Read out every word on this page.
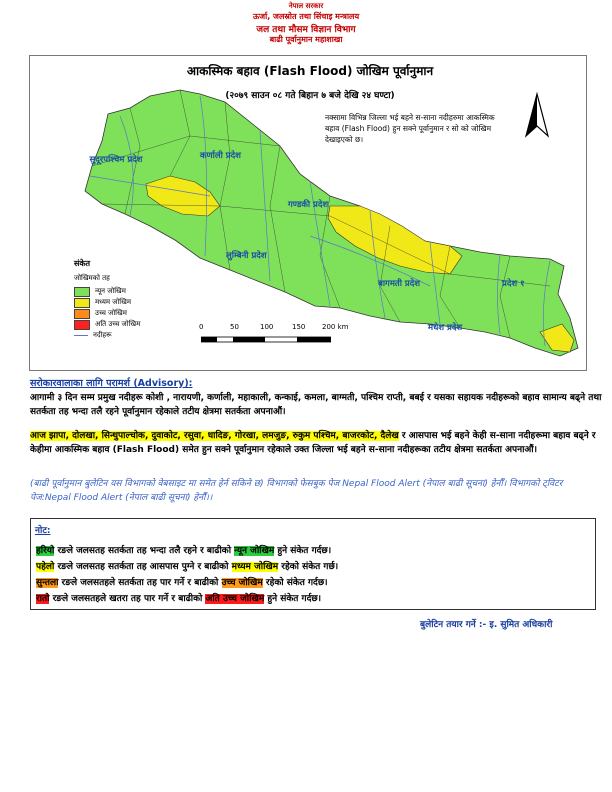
नेपाल सरकार
ऊर्जा, जलस्रोत तथा सिंचाइ मन्त्रालय
जल तथा मौसम विज्ञान विभाग
बाढी पूर्वानुमान महाशाखा
आकस्मिक बहाव (Flash Flood) जोखिम पूर्वानुमान
(२०७९ साउन ०८ गते बिहान ७ बजे देखि २४ घण्टा)
नक्सामा विभिन्न जिल्ला भई बहने स-साना नदीहरुमा आकस्मिक बहाव (Flash Flood) हुन सक्ने पूर्वानुमान र सो को जोखिम देखाइएको छ।
सुदूरपश्चिम प्रदेश	कर्णाली प्रदेश
लुम्बिनी प्रदेश
गण्डकी प्रदेश
बागमती प्रदेश	प्रदेश १
मधेश प्रदेश
संकेत
जोखिमको तह
न्यून जोखिम
मध्यम जोखिम
उच्च जोखिम
अति उच्च जोखिम
नदीहरू
0	50	100	150 200 km
सरोकारवालाका लागि परामर्श (Advisory):
आगामी ३ दिन सम्म प्रमुख नदीहरू कोशी , नारायणी, कर्णाली, महाकाली, कन्काई, कमला, बाग्मती, पश्चिम राप्ती, बबई र यसका सहायक नदीहरूको बहाव सामान्य बढ्ने तथा सतर्कता तह भन्दा तलै रहने पूर्वानुमान रहेकाले तटीय क्षेत्रमा सतर्कता अपनाऔं।
आज झापा, दोलखा, सिन्धुपाल्चोक, दुवाकोट, रसुवा, धादिङ, गोरखा, लमजुङ, रुकुम पश्चिम, बाजरकोट, दैलेख र आसपास भई बहने केही स-साना नदीहरूमा बहाव बढ्ने र केहीमा आकस्मिक बहाव (Flash Flood) समेत हुन सक्ने पूर्वानुमान रहेकाले उक्त जिल्ला भई बहने स-साना नदीहरूका तटीय क्षेत्रमा सतर्कता अपनाऔं।
(बाढी पूर्वानुमान बुलेटिन यस विभागको वेबसाइट मा समेत हेर्न सकिने छ) विभागको फेसबुक पेज Nepal Flood Alert (नेपाल बाढी सूचना) हेर्नौं। विभागको ट्विटर पेज:Nepal Flood Alert (नेपाल बाढी सूचना) हेर्नौं।।
नोट:
हरियो रङले जलसतह सतर्कता तह भन्दा तलै रहने र बाढीको न्यून जोखिम हुने संकेत गर्दछ।
पहेलो रङले जलसतह सतर्कता तह आसपास पुग्ने र बाढीको मध्यम जोखिम रहेको संकेत गर्छ।
सुन्तला रङले जलसतहले सतर्कता तह पार गर्ने र बाढीको उच्च जोखिम रहेको संकेत गर्दछ।
रातो रङले जलसतहले खतरा तह पार गर्ने र बाढीको अति उच्च जोखिम हुने संकेत गर्दछ।
बुलेटिन तयार गर्ने :- इ. सुमित अधिकारी
